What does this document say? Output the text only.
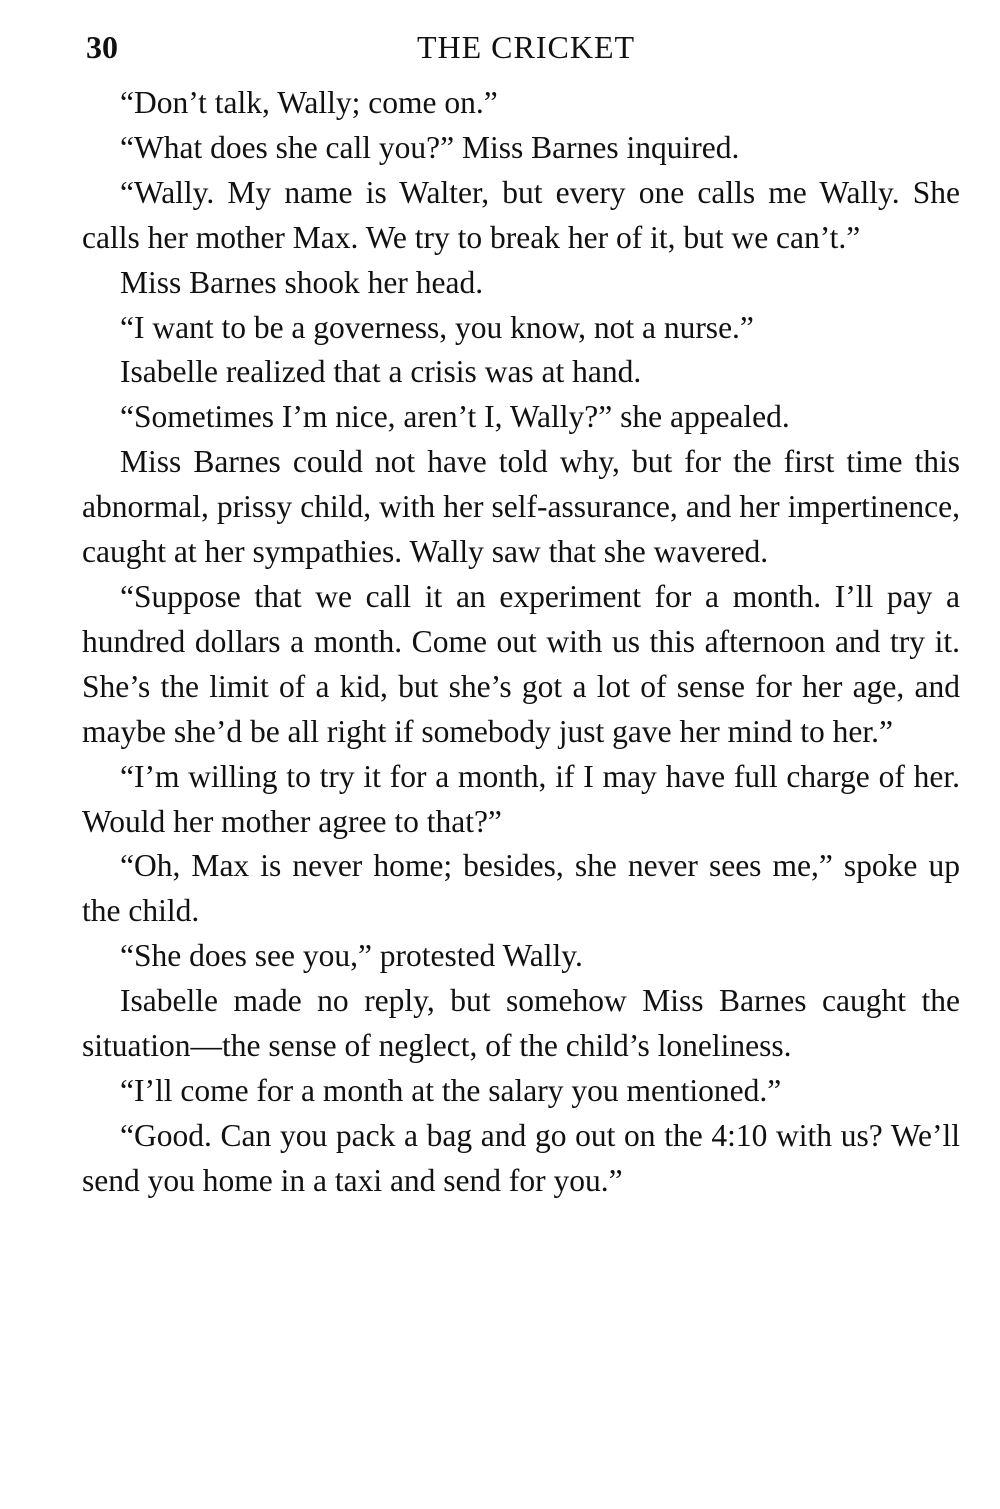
30	THE CRICKET

“Don’t talk, Wally; come on.”

“What does she call you?” Miss Barnes inquired.

“Wally. My name is Walter, but every one calls me Wally. She calls her mother Max. We try to break her of it, but we can’t.”

Miss Barnes shook her head.

“I want to be a governess, you know, not a nurse.”

Isabelle realized that a crisis was at hand.

“Sometimes I’m nice, aren’t I, Wally?” she appealed.

Miss Barnes could not have told why, but for the first time this abnormal, prissy child, with her self-assurance, and her impertinence, caught at her sympathies. Wally saw that she wavered.

“Suppose that we call it an experiment for a month. I’ll pay a hundred dollars a month. Come out with us this afternoon and try it. She’s the limit of a kid, but she’s got a lot of sense for her age, and maybe she’d be all right if somebody just gave her mind to her.”

“I’m willing to try it for a month, if I may have full charge of her. Would her mother agree to that?”

“Oh, Max is never home; besides, she never sees me,” spoke up the child.

“She does see you,” protested Wally.

Isabelle made no reply, but somehow Miss Barnes caught the situation—the sense of neglect, of the child’s loneliness.

“I’ll come for a month at the salary you mentioned.”

“Good. Can you pack a bag and go out on the 4:10 with us? We’ll send you home in a taxi and send for you.”
